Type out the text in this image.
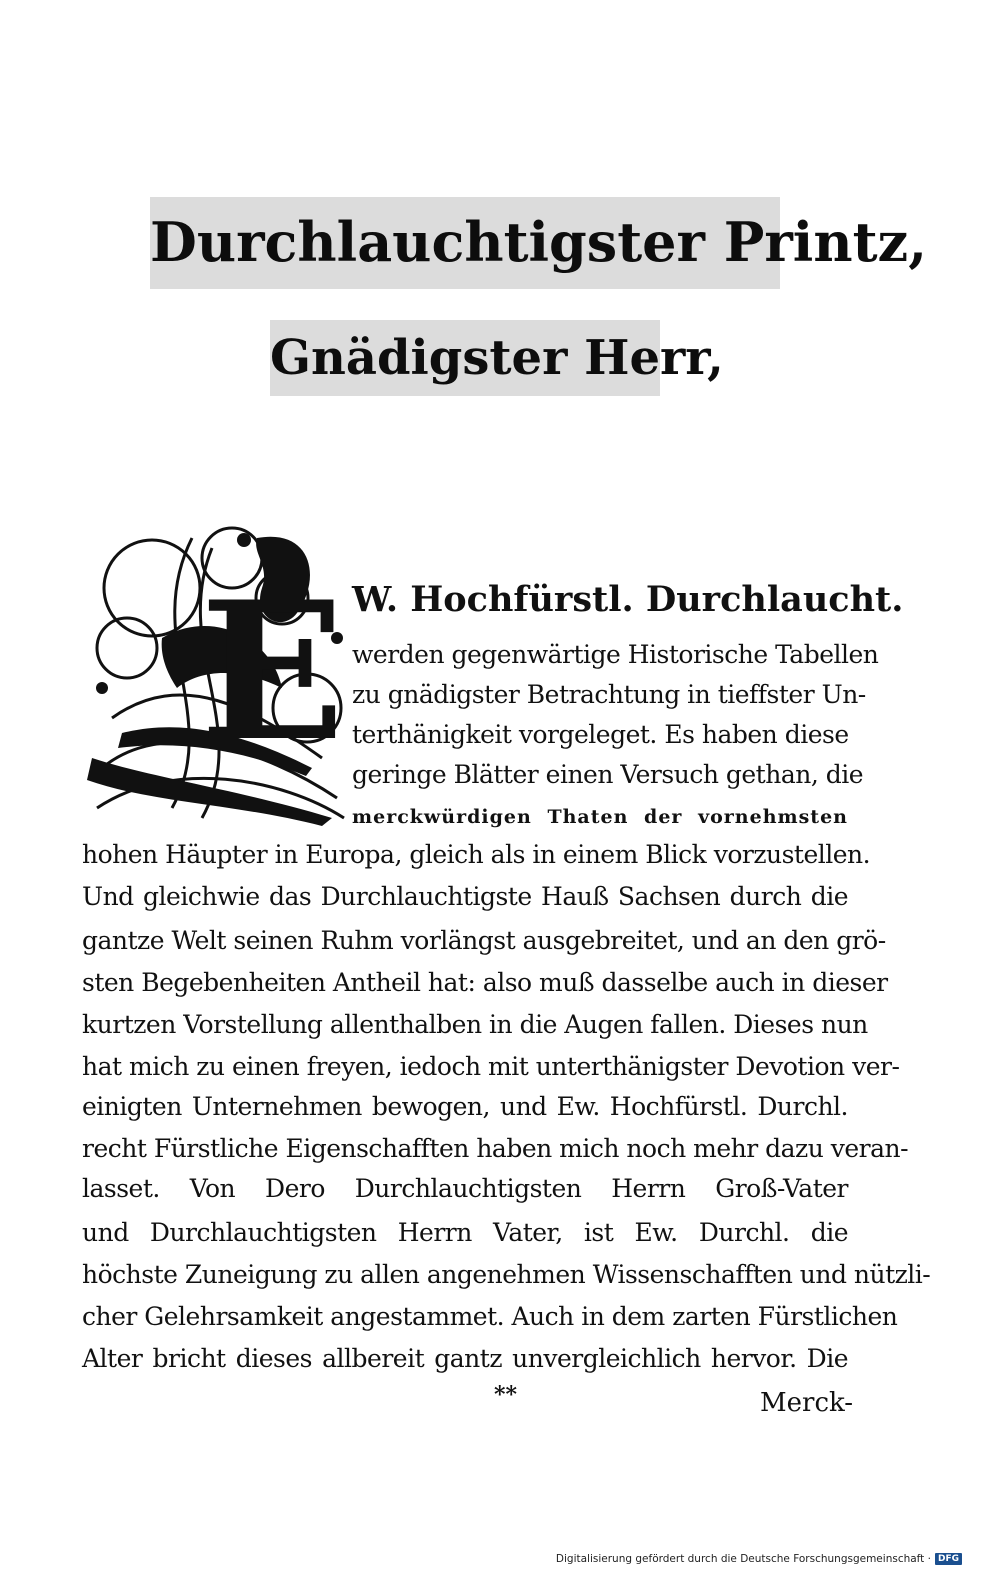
Durchlauchtigster Printz,
Gnädigster Herr,
E W. Hochfürstl. Durchlaucht.
werden gegenwärtige Historische Tabellen
zu gnädigster Betrachtung in tieffster Un-
terthänigkeit vorgeleget. Es haben diese
geringe Blätter einen Versuch gethan, die
merckwürdigen Thaten der vornehmsten
hohen Häupter in Europa, gleich als in einem Blick vorzustellen.
Und gleichwie das Durchlauchtigste Hauß Sachsen durch die
gantze Welt seinen Ruhm vorlängst ausgebreitet, und an den grö-
sten Begebenheiten Antheil hat: also muß dasselbe auch in dieser
kurtzen Vorstellung allenthalben in die Augen fallen. Dieses nun
hat mich zu einen freyen, iedoch mit unterthänigster Devotion ver-
einigten Unternehmen bewogen, und Ew. Hochfürstl. Durchl.
recht Fürstliche Eigenschafften haben mich noch mehr dazu veran-
lasset. Von Dero Durchlauchtigsten Herrn Groß-Vater
und Durchlauchtigsten Herrn Vater, ist Ew. Durchl. die
höchste Zuneigung zu allen angenehmen Wissenschafften und nützli-
cher Gelehrsamkeit angestammet. Auch in dem zarten Fürstlichen
Alter bricht dieses allbereit gantz unvergleichlich hervor. Die
**	Merck-
Digitalisierung gefördert durch die Deutsche Forschungsgemeinschaft · DFG
